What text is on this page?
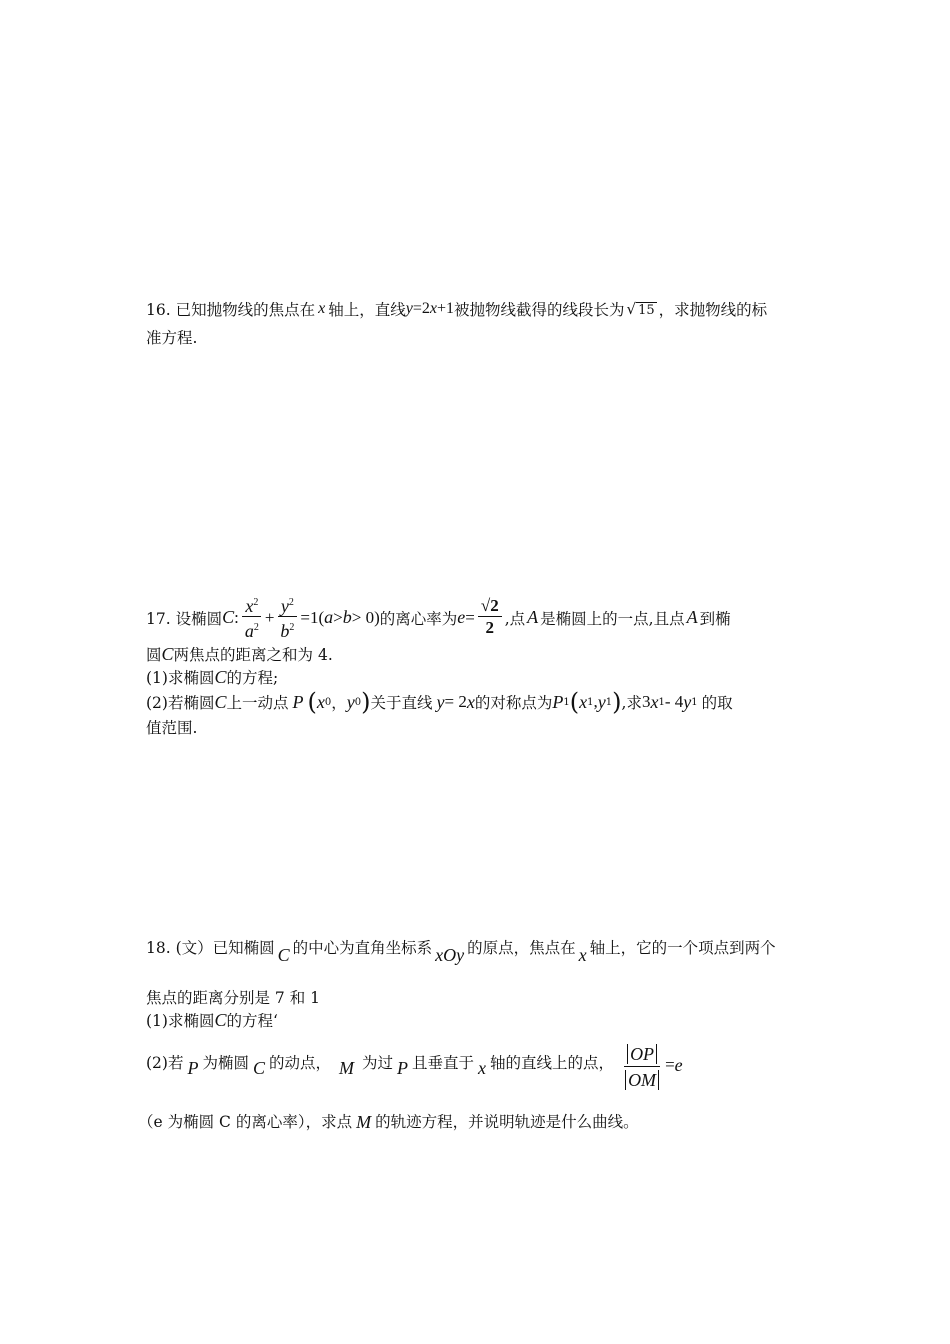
16. 已知抛物线的焦点在 x 轴上，直线 y =2 x +1 被抛物线截得的线段长为 √ 15 ，求抛物线的标
准方程.
17. 设椭圆 C : $\frac{x^2}{a^2} + \frac{y^2}{b^2} =1$( a > b > 0) 的离心率为 $e = \frac{√2}{2}$ ,点 A 是椭圆上的一点,且点 A 到椭
圆 C 两焦点的距离之和为 4.
(1)求椭圆 C 的方程;
(2)若椭圆 C 上一动点 P ( x 0 ， y 0 ) 关于直线 y = 2 x 的对称点为 P 1 ( x 1 , y 1 ) ,求 3 x 1 - 4 y 1 的取
值范围.
18. (文）已知椭圆 C 的中心为直角坐标系 xOy 的原点，焦点在 x 轴上，它的一个项点到两个
焦点的距离分别是 7 和 1
(1)求椭圆 C 的方程‘
(2)若 P 为椭圆 C 的动点， M 为过 P 且垂直于 x 轴的直线上的点， $\frac{OP}{OM} = e$
（e 为椭圆 C 的离心率），求点 M 的轨迹方程，并说明轨迹是什么曲线。
